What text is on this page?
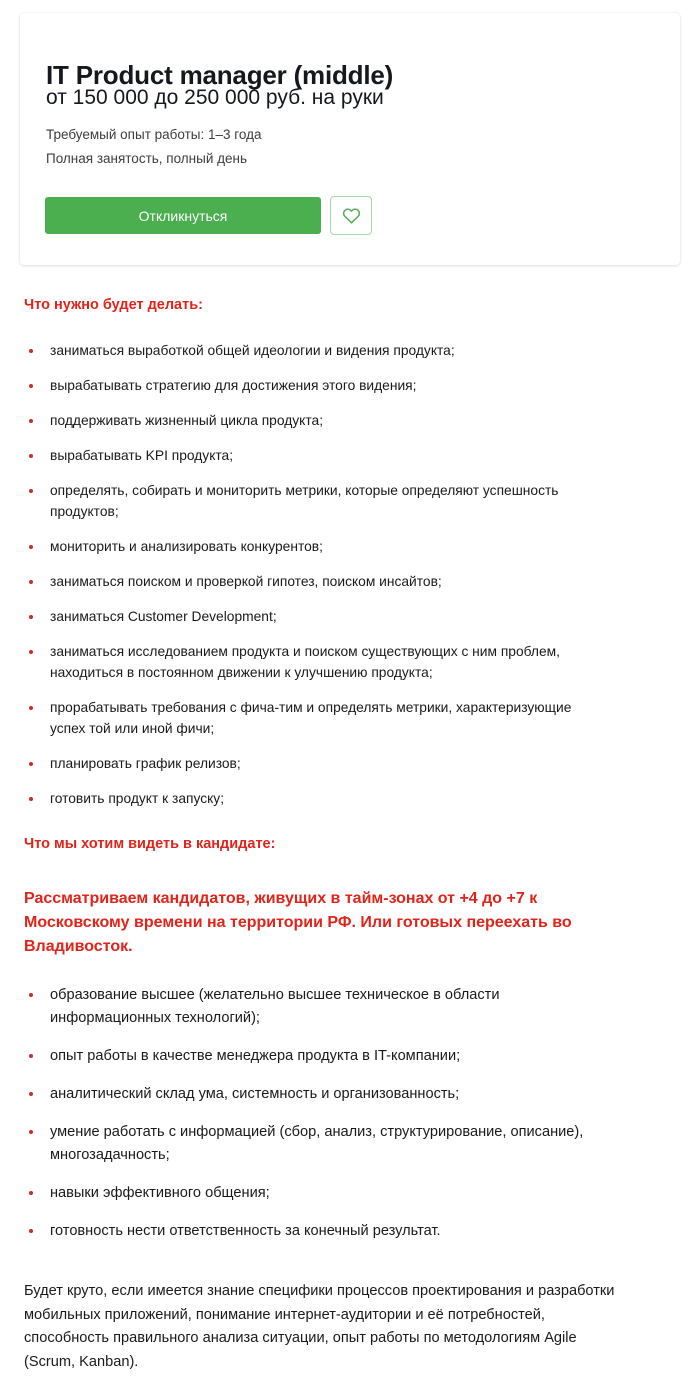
IT Product manager (middle)
от 150 000 до 250 000 руб. на руки
Требуемый опыт работы: 1–3 года
Полная занятость, полный день
Откликнуться
Что нужно будет делать:
заниматься выработкой общей идеологии и видения продукта;
вырабатывать стратегию для достижения этого видения;
поддерживать жизненный цикла продукта;
вырабатывать KPI продукта;
определять, собирать и мониторить метрики, которые определяют успешность продуктов;
мониторить и анализировать конкурентов;
заниматься поиском и проверкой гипотез, поиском инсайтов;
заниматься Customer Development;
заниматься исследованием продукта и поиском существующих с ним проблем, находиться в постоянном движении к улучшению продукта;
прорабатывать требования с фича-тим и определять метрики, характеризующие успех той или иной фичи;
планировать график релизов;
готовить продукт к запуску;
Что мы хотим видеть в кандидате:

Рассматриваем кандидатов, живущих в тайм-зонах от +4 до +7 к Московскому времени на территории РФ. Или готовых переехать во Владивосток.

образование высшее (желательно высшее техническое в области информационных технологий);
опыт работы в качестве менеджера продукта в IT-компании;
аналитический склад ума, системность и организованность;
умение работать с информацией (сбор, анализ, структурирование, описание), многозадачность;
навыки эффективного общения;
готовность нести ответственность за конечный результат.

Будет круто, если имеется знание специфики процессов проектирования и разработки мобильных приложений, понимание интернет-аудитории и её потребностей, способность правильного анализа ситуации, опыт работы по методологиям Agile (Scrum, Kanban).
